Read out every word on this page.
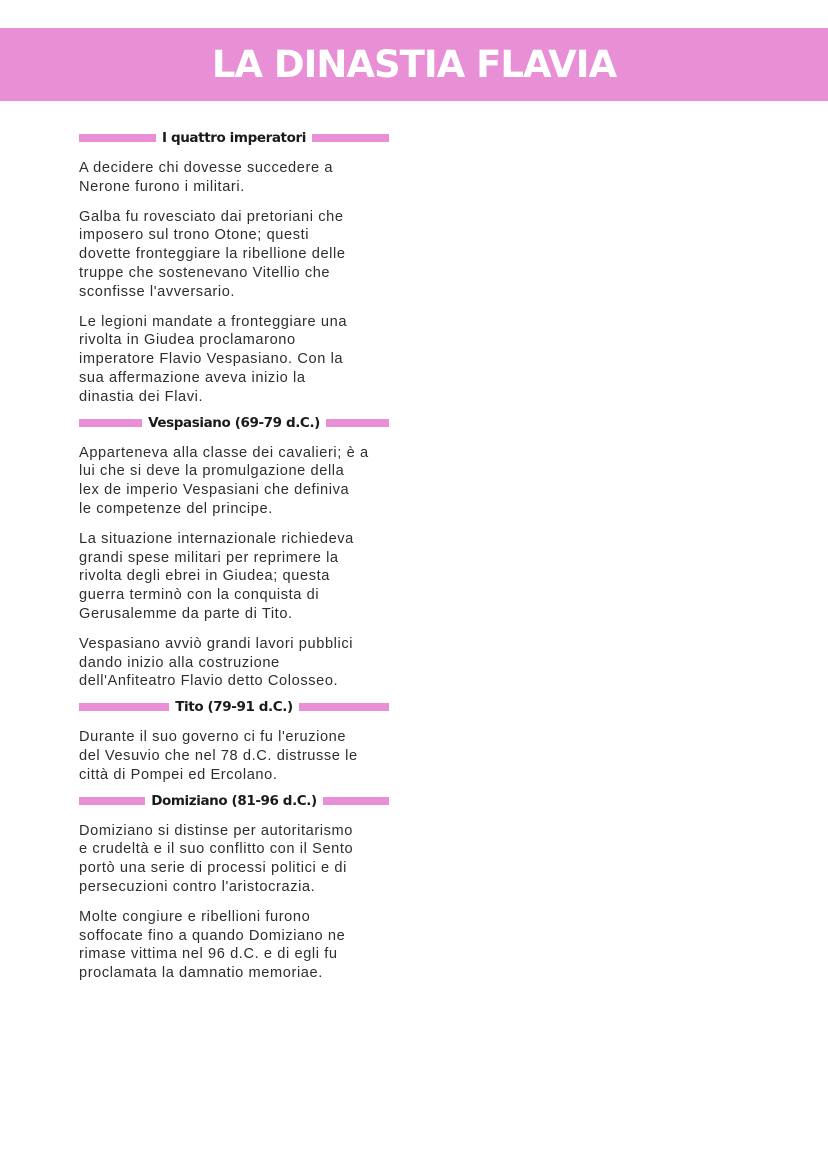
LA DINASTIA FLAVIA
I quattro imperatori

A decidere chi dovesse succedere a
Nerone furono i militari.

Galba fu rovesciato dai pretoriani che
imposero sul trono Otone; questi
dovette fronteggiare la ribellione delle
truppe che sostenevano Vitellio che
sconfisse l'avversario.

Le legioni mandate a fronteggiare una
rivolta in Giudea proclamarono
imperatore Flavio Vespasiano. Con la
sua affermazione aveva inizio la
dinastia dei Flavi.

Vespasiano (69-79 d.C.)

Apparteneva alla classe dei cavalieri; è a
lui che si deve la promulgazione della
lex de imperio Vespasiani che definiva
le competenze del principe.

La situazione internazionale richiedeva
grandi spese militari per reprimere la
rivolta degli ebrei in Giudea; questa
guerra terminò con la conquista di
Gerusalemme da parte di Tito.

Vespasiano avviò grandi lavori pubblici
dando inizio alla costruzione
dell'Anfiteatro Flavio detto Colosseo.

Tito (79-91 d.C.)

Durante il suo governo ci fu l'eruzione
del Vesuvio che nel 78 d.C. distrusse le
città di Pompei ed Ercolano.

Domiziano (81-96 d.C.)

Domiziano si distinse per autoritarismo
e crudeltà e il suo conflitto con il Sento
portò una serie di processi politici e di
persecuzioni contro l'aristocrazia.

Molte congiure e ribellioni furono
soffocate fino a quando Domiziano ne
rimase vittima nel 96 d.C. e di egli fu
proclamata la damnatio memoriae.
